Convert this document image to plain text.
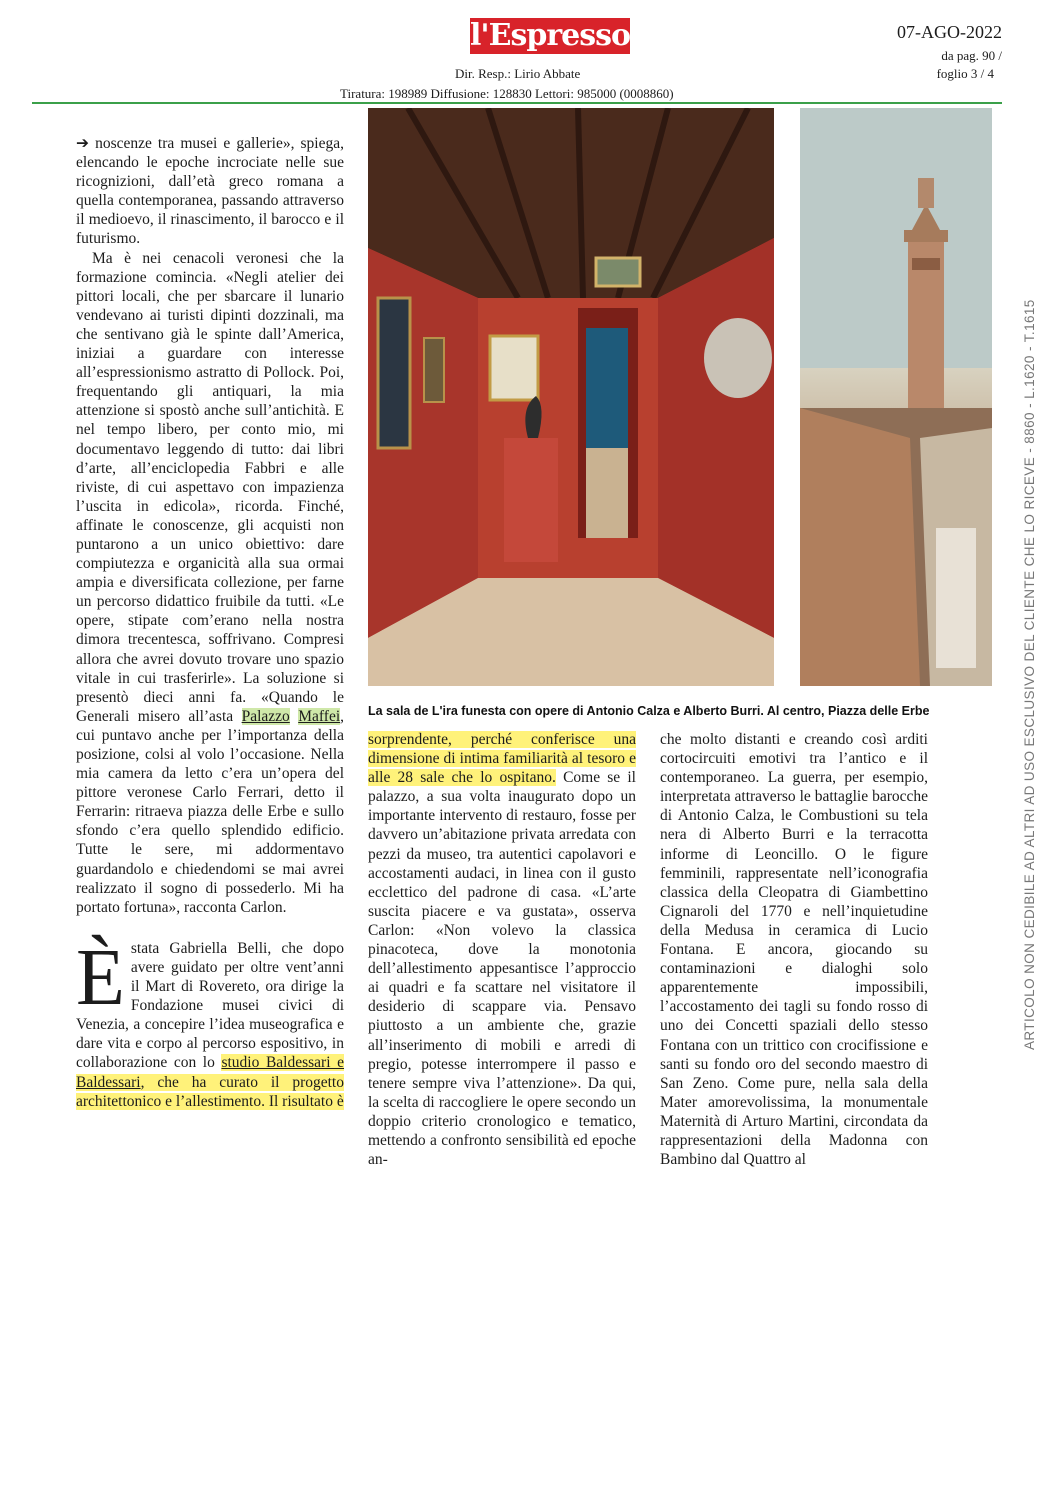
l'Espresso
Dir. Resp.: Lirio Abbate
Tiratura: 198989 Diffusione: 128830 Lettori: 985000 (0008860)
07-AGO-2022
da pag. 90 /
foglio 3 / 4
ARTICOLO NON CEDIBILE AD ALTRI AD USO ESCLUSIVO DEL CLIENTE CHE LO RICEVE - 8860 - L.1620 - T.1615
La sala de L'ira funesta con opere di Antonio Calza e Alberto Burri. Al centro, Piazza delle Erbe

➔ noscenze tra musei e gallerie», spiega, elencando le epoche incrociate nelle sue ricognizioni, dall’età greco romana a quella contemporanea, passando attraverso il medioevo, il rinascimento, il barocco e il futurismo.

Ma è nei cenacoli veronesi che la formazione comincia. «Negli atelier dei pittori locali, che per sbarcare il lunario vendevano ai turisti dipinti dozzinali, ma che sentivano già le spinte dall’America, iniziai a guardare con interesse all’espressionismo astratto di Pollock. Poi, frequentando gli antiquari, la mia attenzione si spostò anche sull’antichità. E nel tempo libero, per conto mio, mi documentavo leggendo di tutto: dai libri d’arte, all’enciclopedia Fabbri e alle riviste, di cui aspettavo con impazienza l’uscita in edicola», ricorda. Finché, affinate le conoscenze, gli acquisti non puntarono a un unico obiettivo: dare compiutezza e organicità alla sua ormai ampia e diversificata collezione, per farne un percorso didattico fruibile da tutti. «Le opere, stipate com’erano nella nostra dimora trecentesca, soffrivano. Compresi allora che avrei dovuto trovare uno spazio vitale in cui trasferirle». La soluzione si presentò dieci anni fa. «Quando le Generali misero all’asta Palazzo Maffei, cui puntavo anche per l’importanza della posizione, colsi al volo l’occasione. Nella mia camera da letto c’era un’opera del pittore veronese Carlo Ferrari, detto il Ferrarin: ritraeva piazza delle Erbe e sullo sfondo c’era quello splendido edificio. Tutte le sere, mi addormentavo guardandolo e chiedendomi se mai avrei realizzato il sogno di possederlo. Mi ha portato fortuna», racconta Carlon.

È stata Gabriella Belli, che dopo avere guidato per oltre vent’anni il Mart di Rovereto, ora dirige la Fondazione musei civici di Venezia, a concepire l’idea museografica e dare vita e corpo al percorso espositivo, in collaborazione con lo studio Baldessari e Baldessari, che ha curato il progetto architettonico e l’allestimento. Il risultato è

sorprendente, perché conferisce una dimensione di intima familiarità al tesoro e alle 28 sale che lo ospitano. Come se il palazzo, a sua volta inaugurato dopo un importante intervento di restauro, fosse per davvero un’abitazione privata arredata con pezzi da museo, tra autentici capolavori e accostamenti audaci, in linea con il gusto ecclettico del padrone di casa. «L’arte suscita piacere e va gustata», osserva Carlon: «Non volevo la classica pinacoteca, dove la monotonia dell’allestimento appesantisce l’approccio ai quadri e fa scattare nel visitatore il desiderio di scappare via. Pensavo piuttosto a un ambiente che, grazie all’inserimento di mobili e arredi di pregio, potesse interrompere il passo e tenere sempre viva l’attenzione». Da qui, la scelta di raccogliere le opere secondo un doppio criterio cronologico e tematico, mettendo a confronto sensibilità ed epoche an-

che molto distanti e creando così arditi cortocircuiti emotivi tra l’antico e il contemporaneo. La guerra, per esempio, interpretata attraverso le battaglie barocche di Antonio Calza, le Combustioni su tela nera di Alberto Burri e la terracotta informe di Leoncillo. O le figure femminili, rappresentate nell’iconografia classica della Cleopatra di Giambettino Cignaroli del 1770 e nell’inquietudine della Medusa in ceramica di Lucio Fontana. E ancora, giocando su contaminazioni e dialoghi solo apparentemente impossibili, l’accostamento dei tagli su fondo rosso di uno dei Concetti spaziali dello stesso Fontana con un trittico con crocifissione e santi su fondo oro del secondo maestro di San Zeno. Come pure, nella sala della Mater amorevolissima, la monumentale Maternità di Arturo Martini, circondata da rappresentazioni della Madonna con Bambino dal Quattro al
